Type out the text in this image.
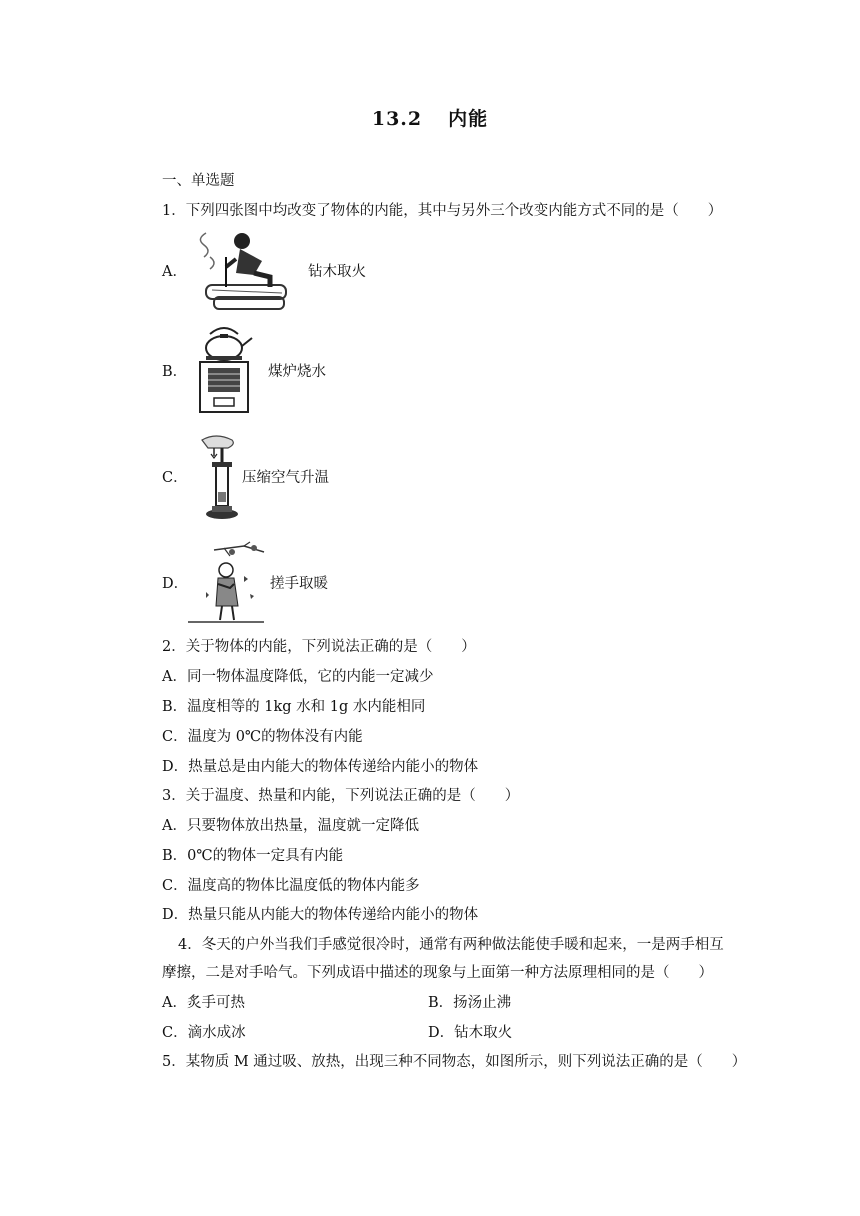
13.2 内能
一、单选题
1．下列四张图中均改变了物体的内能，其中与另外三个改变内能方式不同的是（　　）
A．	钻木取火
B．	煤炉烧水
C．	压缩空气升温
D．	搓手取暖
2．关于物体的内能，下列说法正确的是（　　）
A．同一物体温度降低，它的内能一定减少
B．温度相等的 1kg 水和 1g 水内能相同
C．温度为 0℃的物体没有内能
D．热量总是由内能大的物体传递给内能小的物体
3．关于温度、热量和内能，下列说法正确的是（　　）
A．只要物体放出热量，温度就一定降低
B．0℃的物体一定具有内能
C．温度高的物体比温度低的物体内能多
D．热量只能从内能大的物体传递给内能小的物体
4．冬天的户外当我们手感觉很冷时，通常有两种做法能使手暖和起来，一是两手相互
摩擦，二是对手哈气。下列成语中描述的现象与上面第一种方法原理相同的是（　　）
A．炙手可热	B．扬汤止沸
C．滴水成冰	D．钻木取火
5．某物质 M 通过吸、放热，出现三种不同物态，如图所示，则下列说法正确的是（　　）
